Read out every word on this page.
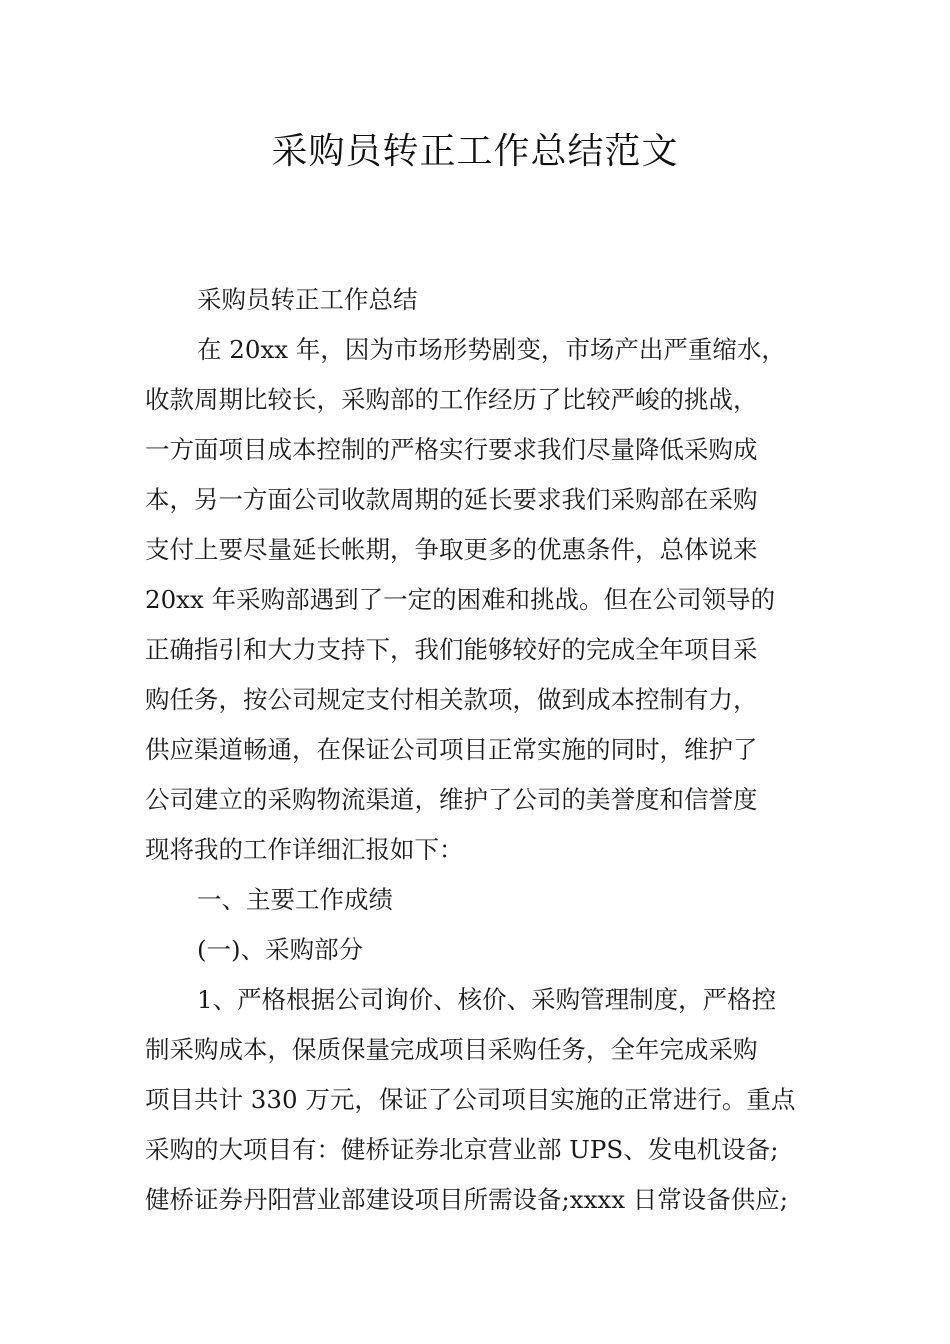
采购员转正工作总结范文
采购员转正工作总结
在 20xx 年，因为市场形势剧变，市场产出严重缩水，
收款周期比较长，采购部的工作经历了比较严峻的挑战，
一方面项目成本控制的严格实行要求我们尽量降低采购成
本，另一方面公司收款周期的延长要求我们采购部在采购
支付上要尽量延长帐期，争取更多的优惠条件，总体说来
20xx 年采购部遇到了一定的困难和挑战。但在公司领导的
正确指引和大力支持下，我们能够较好的完成全年项目采
购任务，按公司规定支付相关款项，做到成本控制有力，
供应渠道畅通，在保证公司项目正常实施的同时，维护了
公司建立的采购物流渠道，维护了公司的美誉度和信誉度
现将我的工作详细汇报如下：
一、主要工作成绩
(一)、采购部分
1、严格根据公司询价、核价、采购管理制度，严格控
制采购成本，保质保量完成项目采购任务，全年完成采购
项目共计 330 万元，保证了公司项目实施的正常进行。重点
采购的大项目有：健桥证券北京营业部 UPS、发电机设备;
健桥证券丹阳营业部建设项目所需设备;xxxx 日常设备供应;
